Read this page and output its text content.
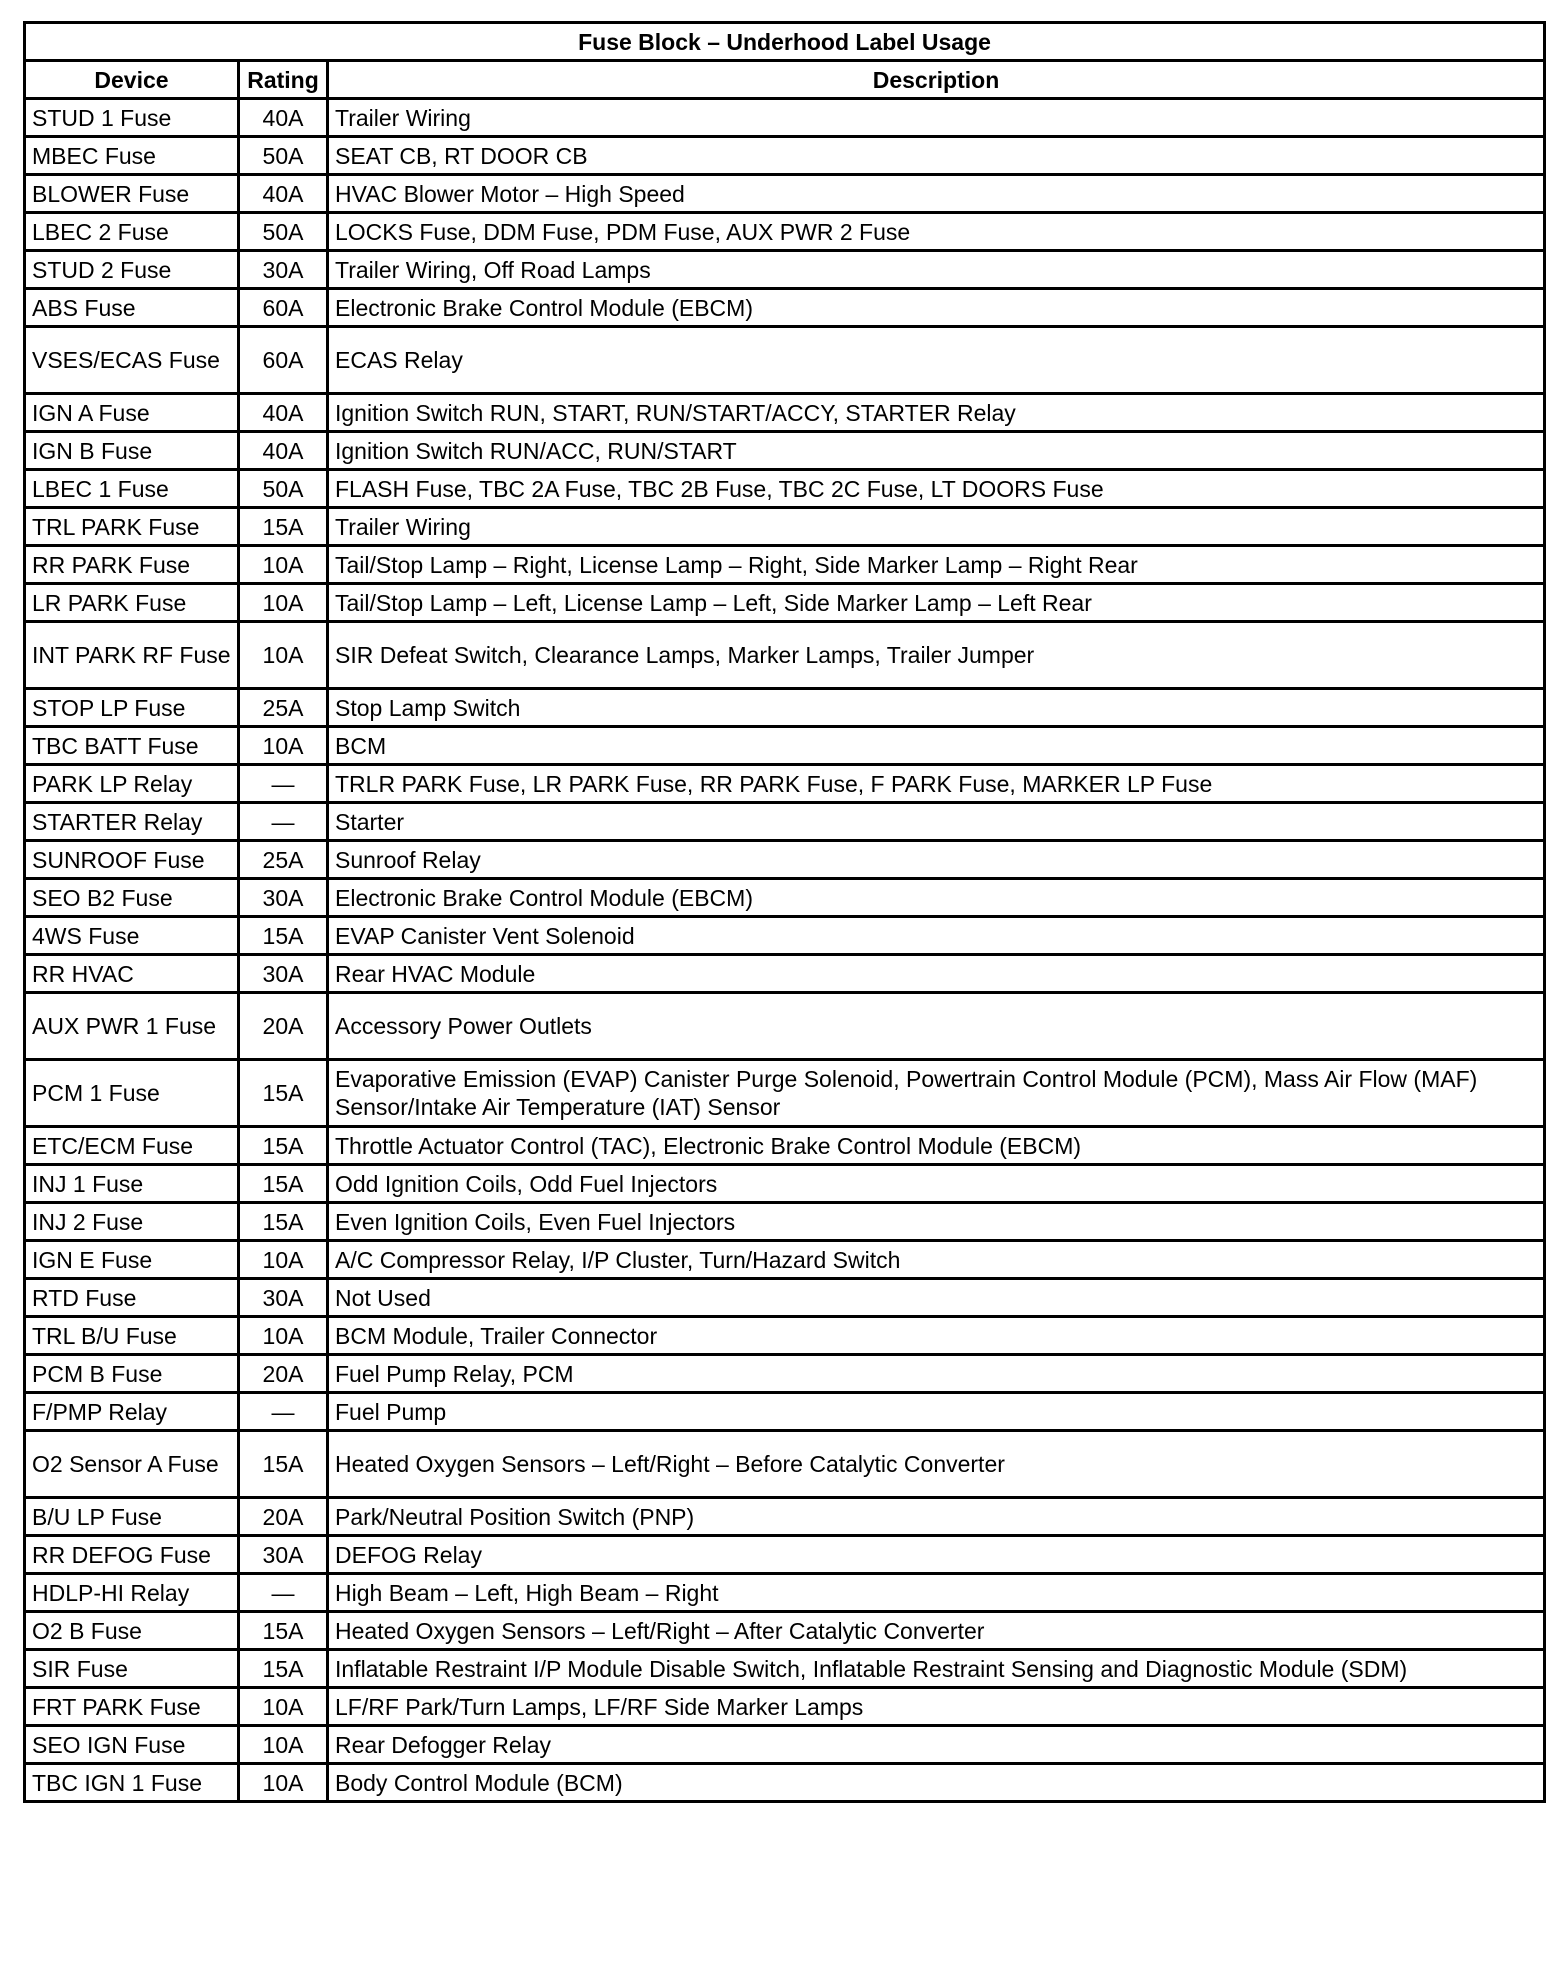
Fuse Block – Underhood Label Usage		
Device	Rating	Description
STUD 1 Fuse	40A	Trailer Wiring
MBEC Fuse	50A	SEAT CB, RT DOOR CB
BLOWER Fuse	40A	HVAC Blower Motor – High Speed
LBEC 2 Fuse	50A	LOCKS Fuse, DDM Fuse, PDM Fuse, AUX PWR 2 Fuse
STUD 2 Fuse	30A	Trailer Wiring, Off Road Lamps
ABS Fuse	60A	Electronic Brake Control Module (EBCM)
VSES/ECAS Fuse	60A	ECAS Relay
IGN A Fuse	40A	Ignition Switch RUN, START, RUN/START/ACCY, STARTER Relay
IGN B Fuse	40A	Ignition Switch RUN/ACC, RUN/START
LBEC 1 Fuse	50A	FLASH Fuse, TBC 2A Fuse, TBC 2B Fuse, TBC 2C Fuse, LT DOORS Fuse
TRL PARK Fuse	15A	Trailer Wiring
RR PARK Fuse	10A	Tail/Stop Lamp – Right, License Lamp – Right, Side Marker Lamp – Right Rear
LR PARK Fuse	10A	Tail/Stop Lamp – Left, License Lamp – Left, Side Marker Lamp – Left Rear
INT PARK RF Fuse	10A	SIR Defeat Switch, Clearance Lamps, Marker Lamps, Trailer Jumper
STOP LP Fuse	25A	Stop Lamp Switch
TBC BATT Fuse	10A	BCM
PARK LP Relay	—	TRLR PARK Fuse, LR PARK Fuse, RR PARK Fuse, F PARK Fuse, MARKER LP Fuse
STARTER Relay	—	Starter
SUNROOF Fuse	25A	Sunroof Relay
SEO B2 Fuse	30A	Electronic Brake Control Module (EBCM)
4WS Fuse	15A	EVAP Canister Vent Solenoid
RR HVAC	30A	Rear HVAC Module
AUX PWR 1 Fuse	20A	Accessory Power Outlets
PCM 1 Fuse	15A	Evaporative Emission (EVAP) Canister Purge Solenoid, Powertrain Control Module (PCM), Mass Air Flow (MAF) Sensor/Intake Air Temperature (IAT) Sensor
ETC/ECM Fuse	15A	Throttle Actuator Control (TAC), Electronic Brake Control Module (EBCM)
INJ 1 Fuse	15A	Odd Ignition Coils, Odd Fuel Injectors
INJ 2 Fuse	15A	Even Ignition Coils, Even Fuel Injectors
IGN E Fuse	10A	A/C Compressor Relay, I/P Cluster, Turn/Hazard Switch
RTD Fuse	30A	Not Used
TRL B/U Fuse	10A	BCM Module, Trailer Connector
PCM B Fuse	20A	Fuel Pump Relay, PCM
F/PMP Relay	—	Fuel Pump
O2 Sensor A Fuse	15A	Heated Oxygen Sensors – Left/Right – Before Catalytic Converter
B/U LP Fuse	20A	Park/Neutral Position Switch (PNP)
RR DEFOG Fuse	30A	DEFOG Relay
HDLP-HI Relay	—	High Beam – Left, High Beam – Right
O2 B Fuse	15A	Heated Oxygen Sensors – Left/Right – After Catalytic Converter
SIR Fuse	15A	Inflatable Restraint I/P Module Disable Switch, Inflatable Restraint Sensing and Diagnostic Module (SDM)
FRT PARK Fuse	10A	LF/RF Park/Turn Lamps, LF/RF Side Marker Lamps
SEO IGN Fuse	10A	Rear Defogger Relay
TBC IGN 1 Fuse	10A	Body Control Module (BCM)
